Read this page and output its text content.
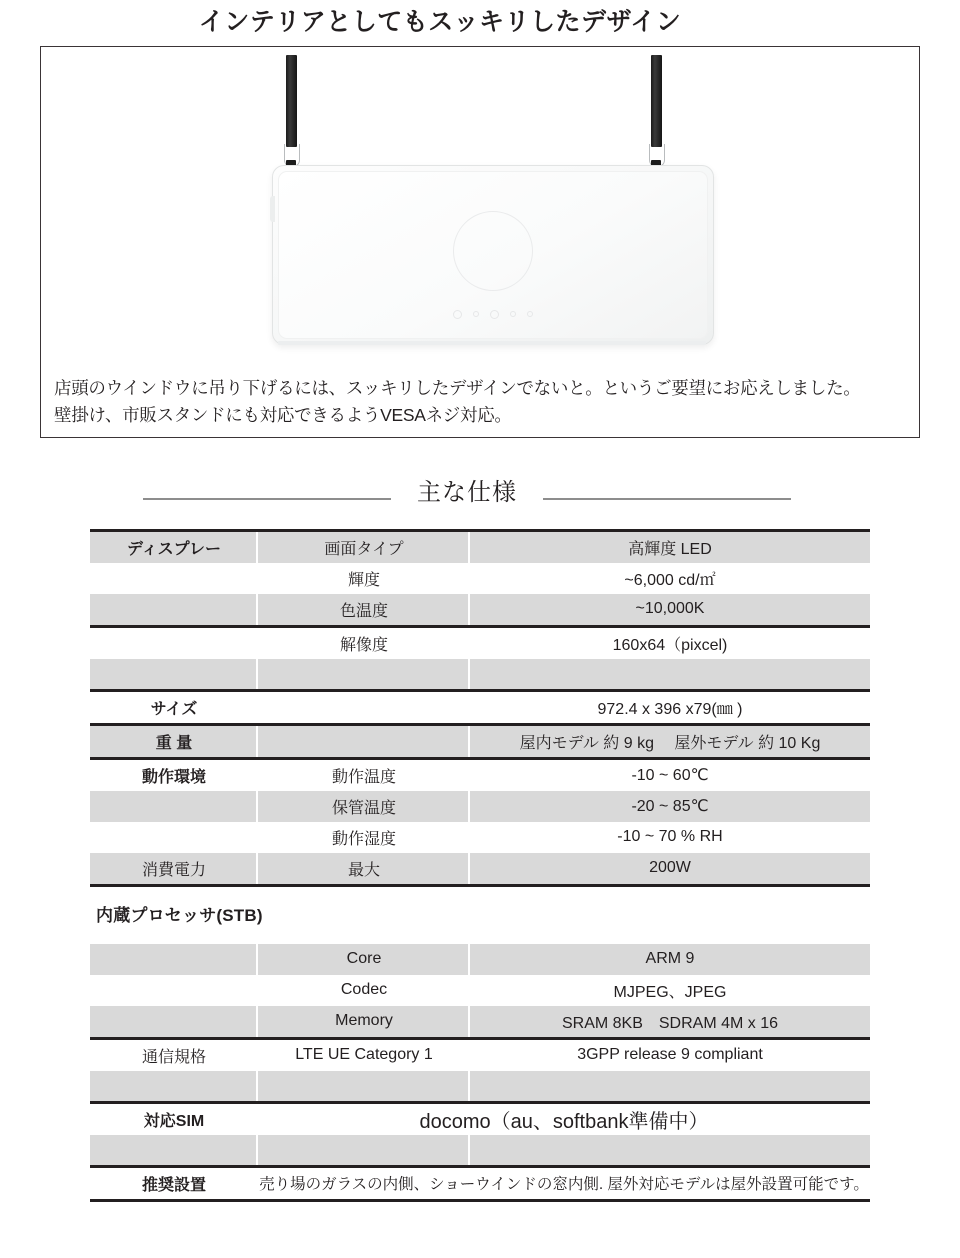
インテリアとしてもスッキリしたデザイン
店頭のウインドウに吊り下げるには、スッキリしたデザインでないと。というご要望にお応えしました。
壁掛け、市販スタンドにも対応できるようVESAネジ対応。
主な仕様
ディスプレー	画面タイプ	高輝度 LED
	輝度	~6,000 cd/㎡
	色温度	~10,000K
	解像度	160x64（pixcel)

サイズ		972.4 x 396 x79(㎜ )
重 量		屋内モデル 約 9 kg　 屋外モデル 約 10 Kg
動作環境	動作温度	-10 ~ 60℃
	保管温度	-20 ~ 85℃
	動作湿度	-10 ~ 70 % RH
消費電力	最大	200W
内蔵プロセッサ(STB)
	Core	ARM 9
	Codec	MJPEG、JPEG
	Memory	SRAM 8KB　SDRAM 4M x 16
通信規格	LTE UE Category 1	3GPP release 9 compliant

対応SIM	docomo（au、softbank準備中）	

推奨設置	売り場のガラスの内側、ショーウインドの窓内側. 屋外対応モデルは屋外設置可能です。	
